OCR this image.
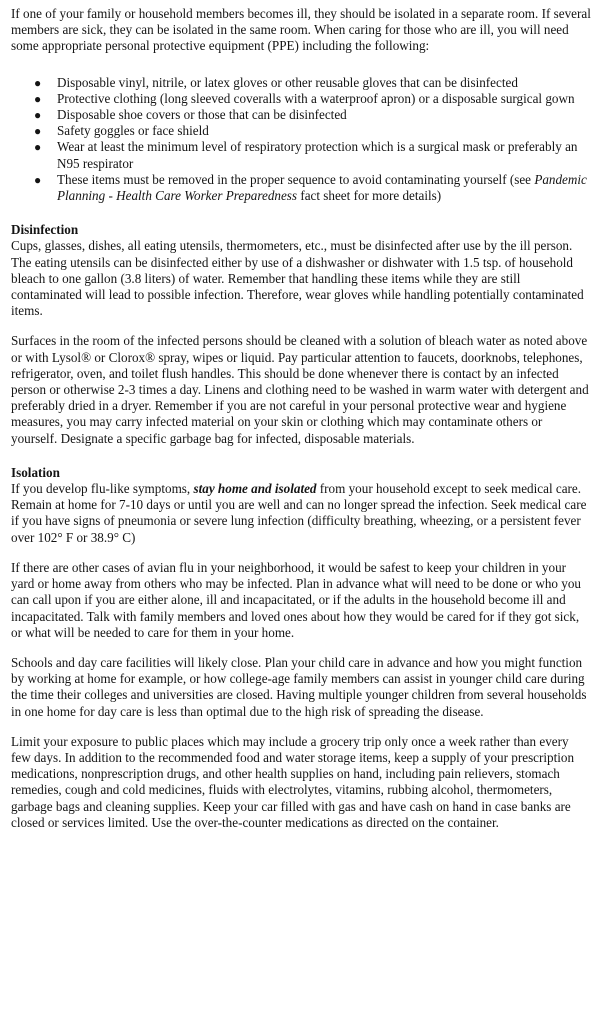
If one of your family or household members becomes ill, they should be isolated in a separate room. If several members are sick, they can be isolated in the same room. When caring for those who are ill, you will need some appropriate personal protective equipment (PPE) including the following:

● Disposable vinyl, nitrile, or latex gloves or other reusable gloves that can be disinfected
● Protective clothing (long sleeved coveralls with a waterproof apron) or a disposable surgical gown
● Disposable shoe covers or those that can be disinfected
● Safety goggles or face shield
● Wear at least the minimum level of respiratory protection which is a surgical mask or preferably an N95 respirator
● These items must be removed in the proper sequence to avoid contaminating yourself (see Pandemic Planning - Health Care Worker Preparedness fact sheet for more details)
Disinfection

Cups, glasses, dishes, all eating utensils, thermometers, etc., must be disinfected after use by the ill person. The eating utensils can be disinfected either by use of a dishwasher or dishwater with 1.5 tsp. of household bleach to one gallon (3.8 liters) of water. Remember that handling these items while they are still contaminated will lead to possible infection. Therefore, wear gloves while handling potentially contaminated items.

Surfaces in the room of the infected persons should be cleaned with a solution of bleach water as noted above or with Lysol® or Clorox® spray, wipes or liquid. Pay particular attention to faucets, doorknobs, telephones, refrigerator, oven, and toilet flush handles. This should be done whenever there is contact by an infected person or otherwise 2-3 times a day. Linens and clothing need to be washed in warm water with detergent and preferably dried in a dryer. Remember if you are not careful in your personal protective wear and hygiene measures, you may carry infected material on your skin or clothing which may contaminate others or yourself. Designate a specific garbage bag for infected, disposable materials.

Isolation

If you develop flu-like symptoms, stay home and isolated from your household except to seek medical care. Remain at home for 7-10 days or until you are well and can no longer spread the infection. Seek medical care if you have signs of pneumonia or severe lung infection (difficulty breathing, wheezing, or a persistent fever over 102° F or 38.9° C)

If there are other cases of avian flu in your neighborhood, it would be safest to keep your children in your yard or home away from others who may be infected. Plan in advance what will need to be done or who you can call upon if you are either alone, ill and incapacitated, or if the adults in the household become ill and incapacitated. Talk with family members and loved ones about how they would be cared for if they got sick, or what will be needed to care for them in your home.

Schools and day care facilities will likely close. Plan your child care in advance and how you might function by working at home for example, or how college-age family members can assist in younger child care during the time their colleges and universities are closed. Having multiple younger children from several households in one home for day care is less than optimal due to the high risk of spreading the disease.

Limit your exposure to public places which may include a grocery trip only once a week rather than every few days. In addition to the recommended food and water storage items, keep a supply of your prescription medications, nonprescription drugs, and other health supplies on hand, including pain relievers, stomach remedies, cough and cold medicines, fluids with electrolytes, vitamins, rubbing alcohol, thermometers, garbage bags and cleaning supplies. Keep your car filled with gas and have cash on hand in case banks are closed or services limited. Use the over-the-counter medications as directed on the container.
